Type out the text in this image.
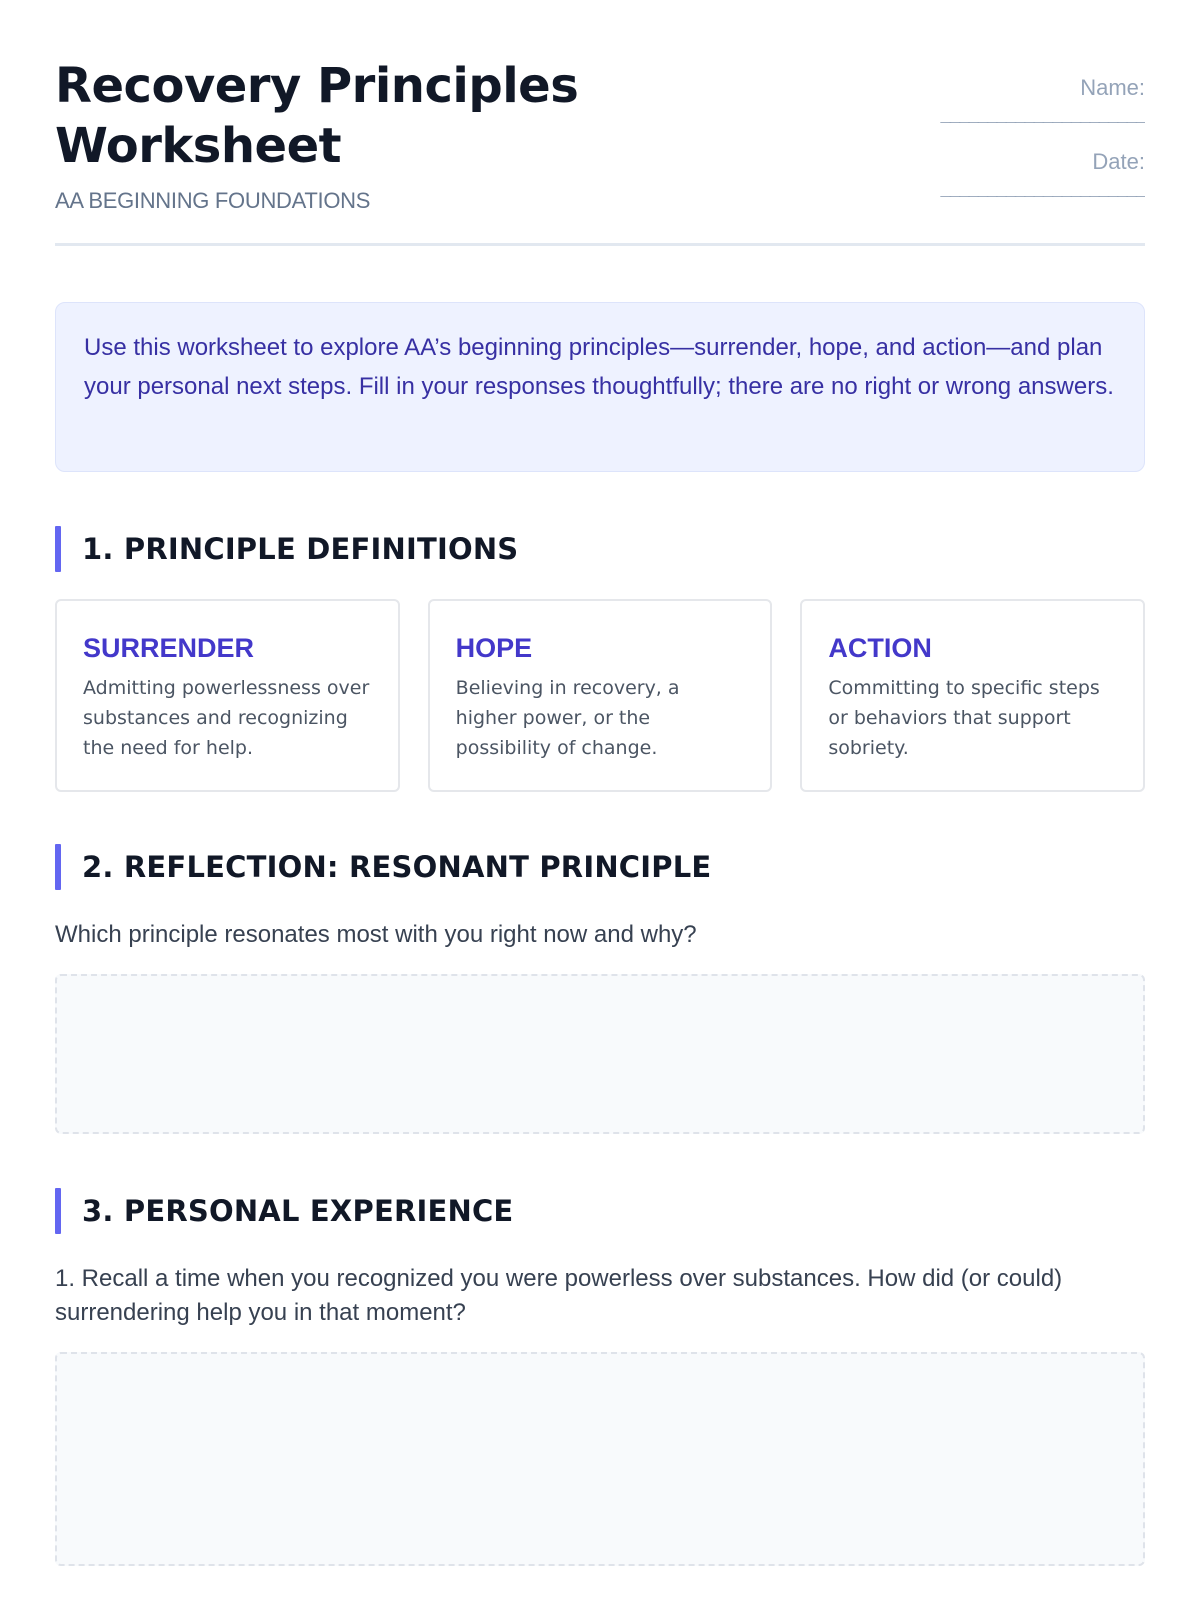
Recovery Principles Worksheet
AA BEGINNING FOUNDATIONS
Name:
______________________
Date:
______________________
Use this worksheet to explore AA’s beginning principles—surrender, hope, and action—and plan your personal next steps. Fill in your responses thoughtfully; there are no right or wrong answers.
1. PRINCIPLE DEFINITIONS
SURRENDER
Admitting powerlessness over substances and recognizing the need for help.
HOPE
Believing in recovery, a higher power, or the possibility of change.
ACTION
Committing to specific steps or behaviors that support sobriety.
2. REFLECTION: RESONANT PRINCIPLE
Which principle resonates most with you right now and why?
3. PERSONAL EXPERIENCE
1. Recall a time when you recognized you were powerless over substances. How did (or could) surrendering help you in that moment?
